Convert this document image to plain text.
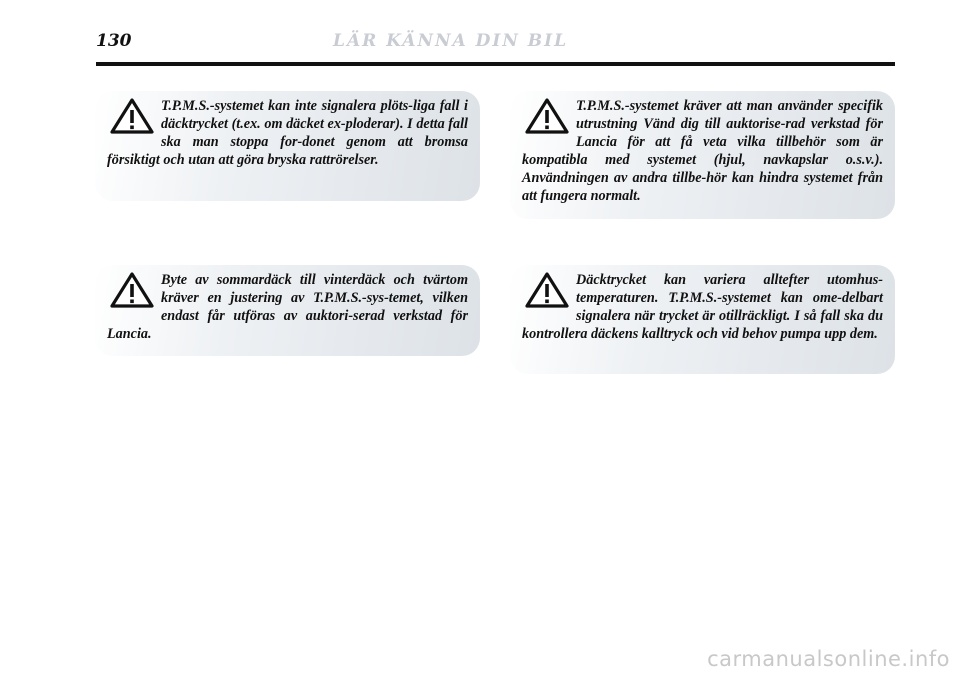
130	LÄR KÄNNA DIN BIL

T.P.M.S.-systemet kan inte signalera plöts-liga fall i däcktrycket (t.ex. om däcket ex-ploderar). I detta fall ska man stoppa for-donet genom att bromsa försiktigt och utan att göra bryska rattrörelser.

T.P.M.S.-systemet kräver att man använder specifik utrustning Vänd dig till auktorise-rad verkstad för Lancia för att få veta vilka tillbehör som är kompatibla med systemet (hjul, navkapslar o.s.v.). Användningen av andra tillbe-hör kan hindra systemet från att fungera normalt.

Byte av sommardäck till vinterdäck och tvärtom kräver en justering av T.P.M.S.-sys-temet, vilken endast får utföras av auktori-serad verkstad för Lancia.

Däcktrycket kan variera alltefter utomhus-temperaturen. T.P.M.S.-systemet kan ome-delbart signalera när trycket är otillräckligt. I så fall ska du kontrollera däckens kalltryck och vid behov pumpa upp dem.

carmanualsonline.info
